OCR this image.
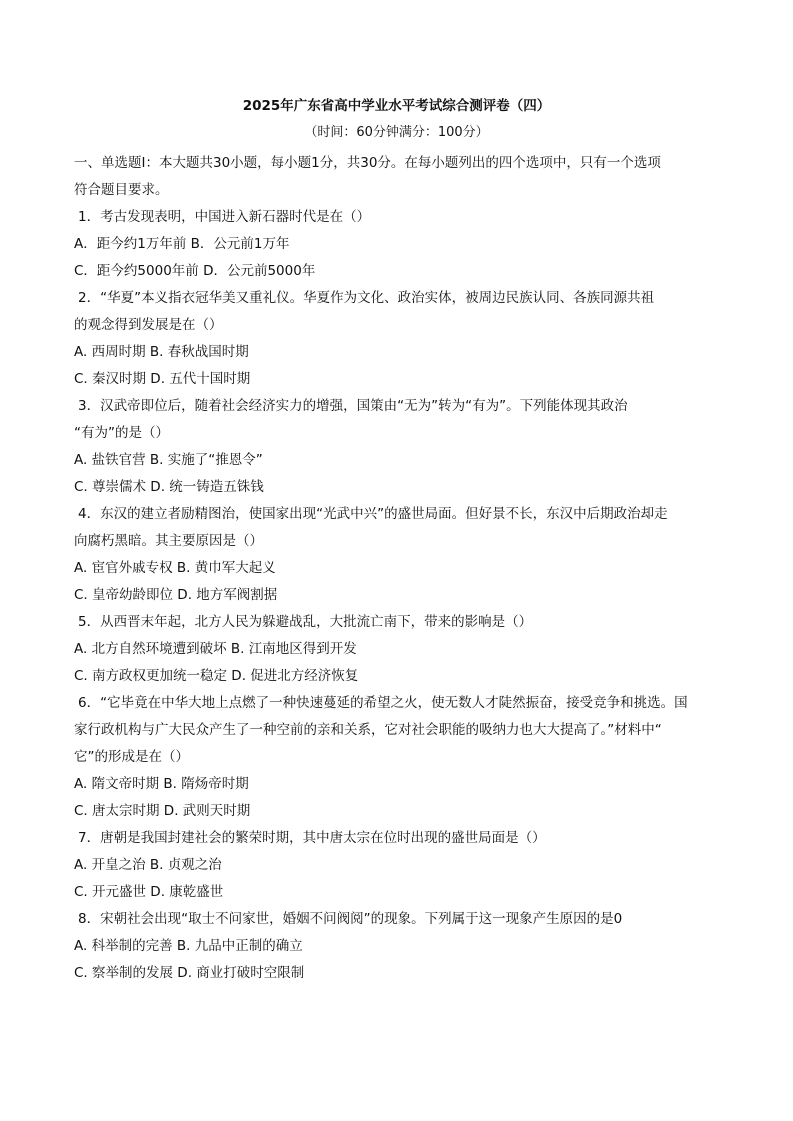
2025年广东省高中学业水平考试综合测评卷（四）
（时间：60分钟满分：100分）
一、单选题I：本大题共30小题，每小题1分，共30分。在每小题列出的四个选项中，只有一个选项
符合题目要求。
1．考古发现表明，中国进入新石器时代是在（）
A．距今约1万年前 B．公元前1万年
C．距今约5000年前 D．公元前5000年
2．“华夏”本义指衣冠华美又重礼仪。华夏作为文化、政治实体，被周边民族认同、各族同源共祖
的观念得到发展是在（）
A. 西周时期 B. 春秋战国时期
C. 秦汉时期 D. 五代十国时期
3．汉武帝即位后，随着社会经济实力的增强，国策由“无为”转为“有为”。下列能体现其政治
“有为”的是（）
A. 盐铁官营 B. 实施了“推恩令”
C. 尊崇儒术 D. 统一铸造五铢钱
4．东汉的建立者励精图治，使国家出现“光武中兴”的盛世局面。但好景不长，东汉中后期政治却走
向腐朽黑暗。其主要原因是（）
A. 宦官外戚专权 B. 黄巾军大起义
C. 皇帝幼龄即位 D. 地方军阀割据
5．从西晋末年起，北方人民为躲避战乱，大批流亡南下，带来的影响是（）
A. 北方自然环境遭到破坏 B. 江南地区得到开发
C. 南方政权更加统一稳定 D. 促进北方经济恢复
6．“它毕竟在中华大地上点燃了一种快速蔓延的希望之火，使无数人才陡然振奋，接受竞争和挑选。国
家行政机构与广大民众产生了一种空前的亲和关系，它对社会职能的吸纳力也大大提高了。”材料中“
它”的形成是在（）
A. 隋文帝时期 B. 隋炀帝时期
C. 唐太宗时期 D. 武则天时期
7．唐朝是我国封建社会的繁荣时期，其中唐太宗在位时出现的盛世局面是（）
A. 开皇之治 B. 贞观之治
C. 开元盛世 D. 康乾盛世
8．宋朝社会出现“取士不问家世，婚姻不问阀阅”的现象。下列属于这一现象产生原因的是0
A. 科举制的完善 B. 九品中正制的确立
C. 察举制的发展 D. 商业打破时空限制
